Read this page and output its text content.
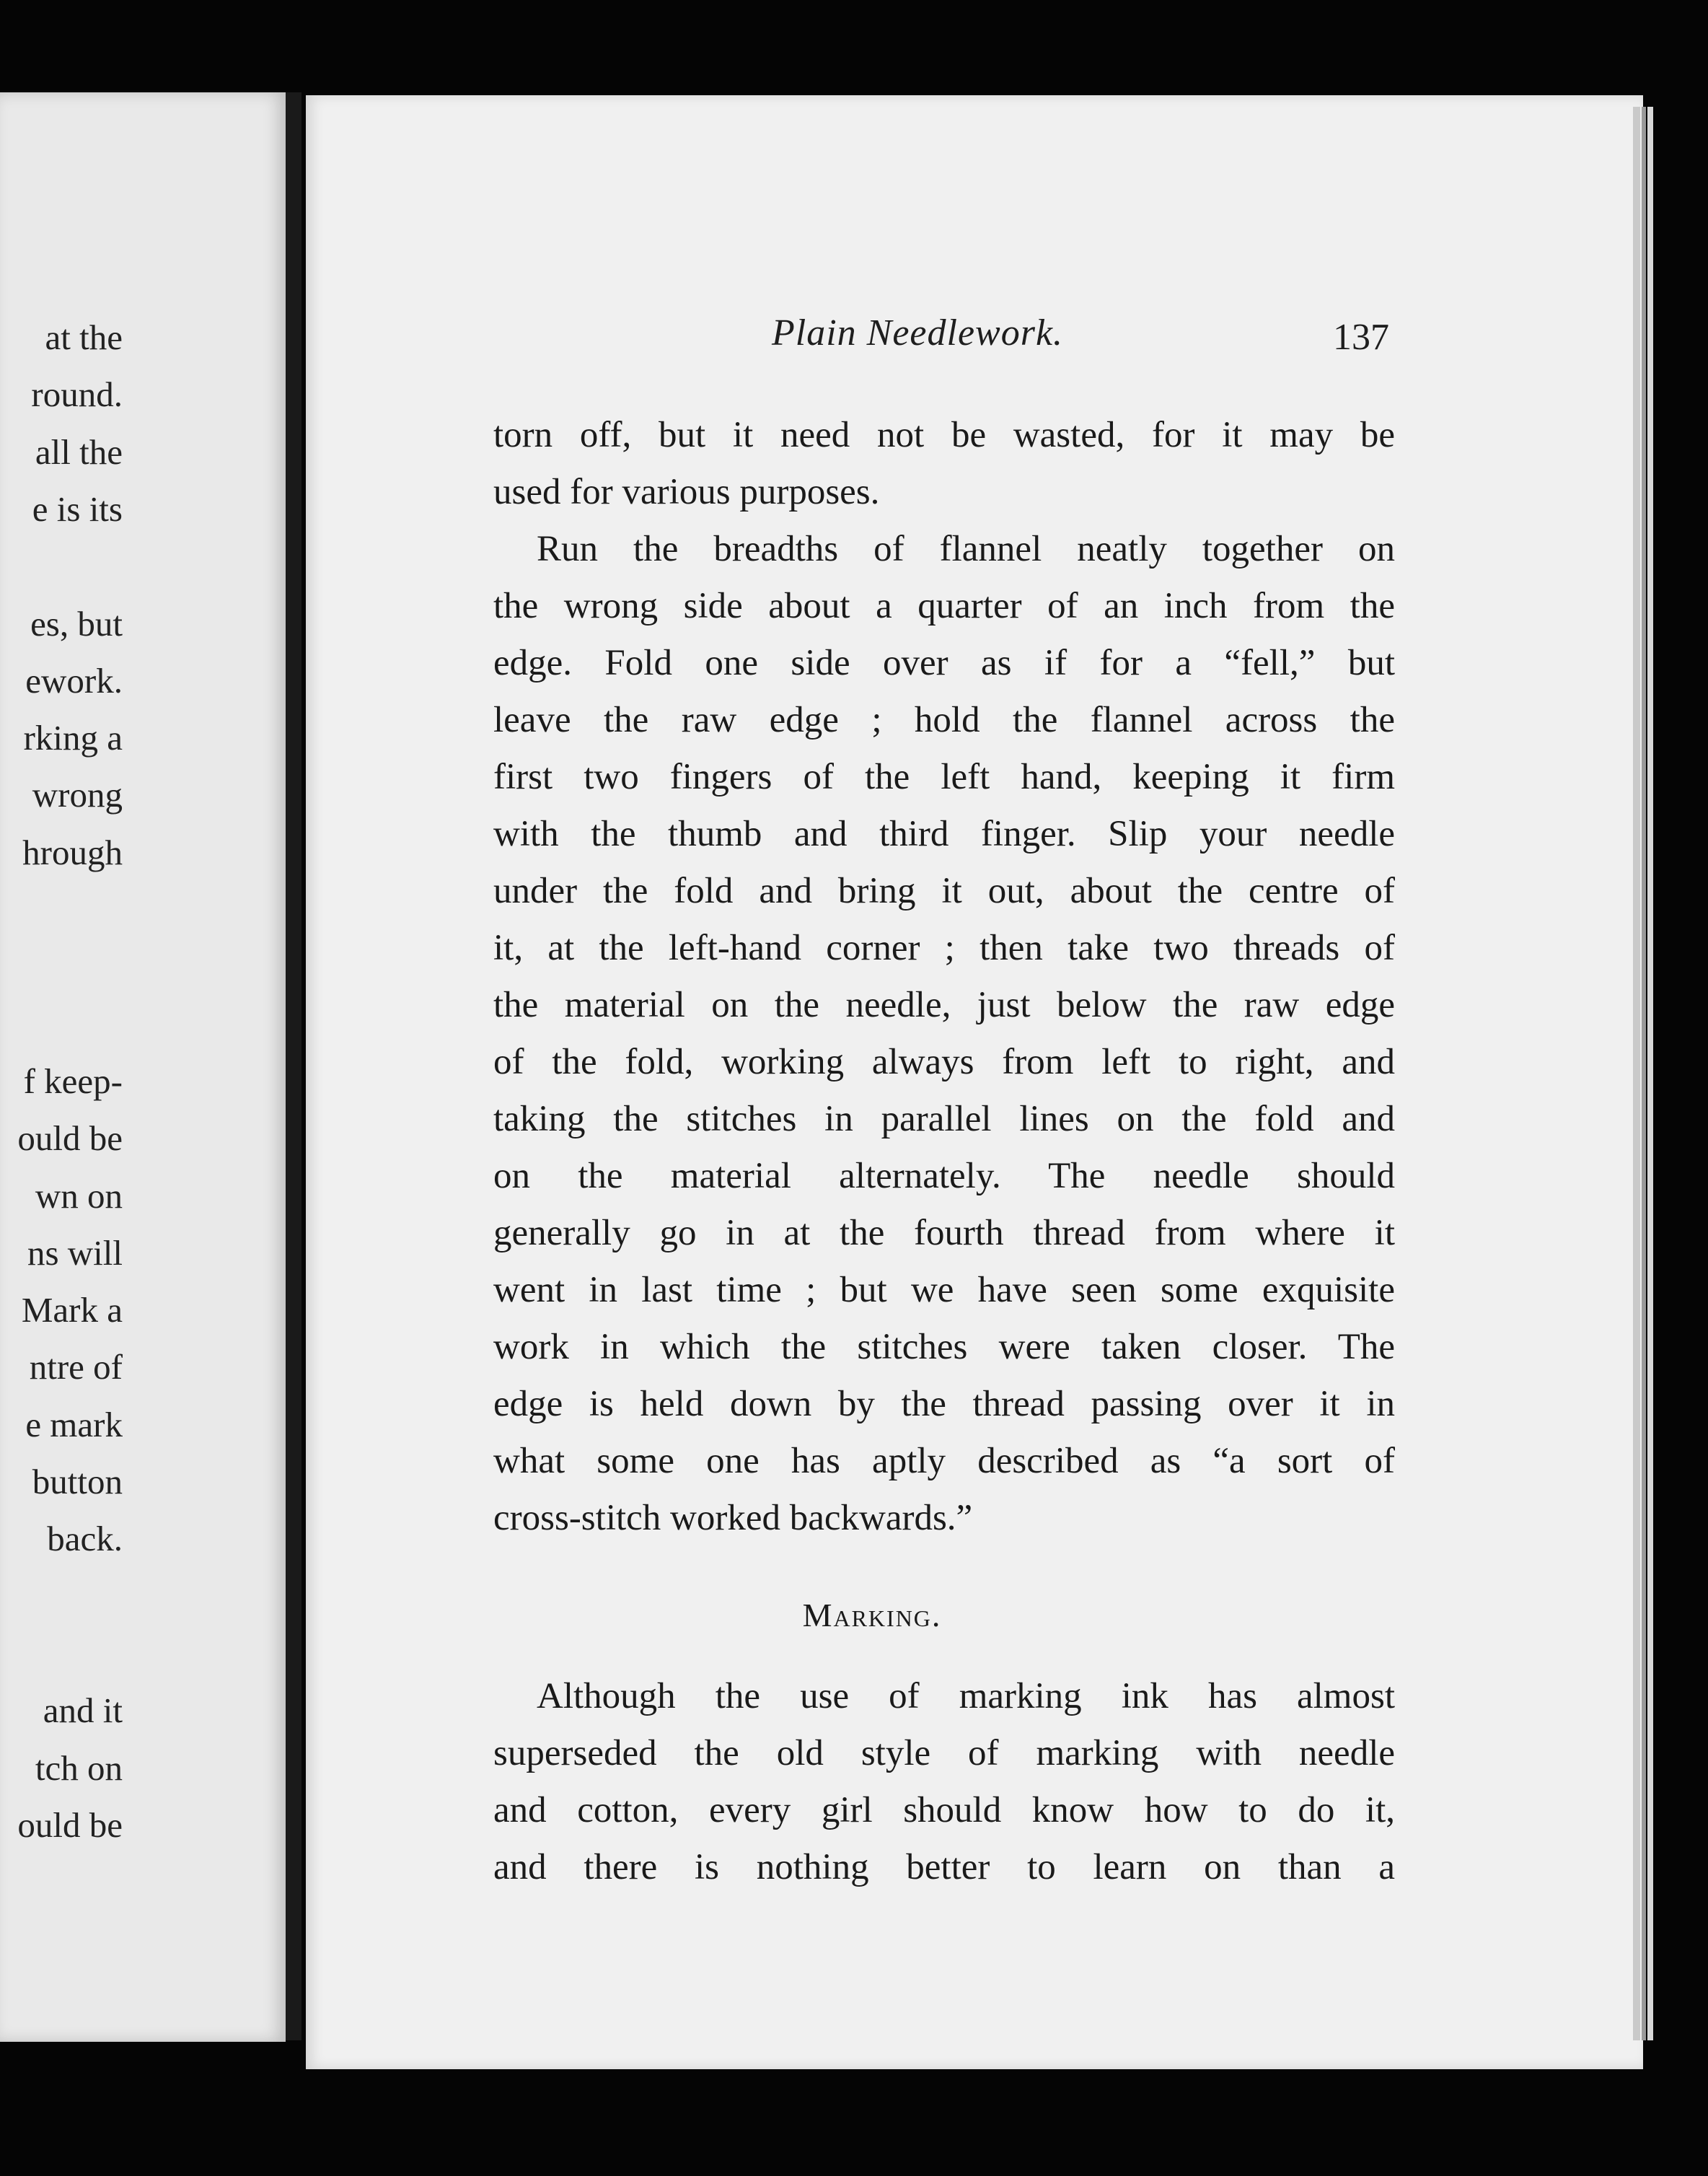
at the
round.
all the
e is its
es, but
ework.
rking a
wrong
hrough
f keep-
ould be
wn on
ns will
Mark a
ntre of
e mark
button
back.
and it
tch on
ould be
Plain Needlework.	137
torn off, but it need not be wasted, for it may be
used for various purposes.
Run the breadths of flannel neatly together on
the wrong side about a quarter of an inch from the
edge. Fold one side over as if for a “fell,” but
leave the raw edge ; hold the flannel across the
first two fingers of the left hand, keeping it firm
with the thumb and third finger. Slip your needle
under the fold and bring it out, about the centre of
it, at the left-hand corner ; then take two threads of
the material on the needle, just below the raw edge
of the fold, working always from left to right, and
taking the stitches in parallel lines on the fold and
on the material alternately. The needle should
generally go in at the fourth thread from where it
went in last time ; but we have seen some exquisite
work in which the stitches were taken closer. The
edge is held down by the thread passing over it in
what some one has aptly described as “a sort of
cross-stitch worked backwards.”
Marking.
Although the use of marking ink has almost
superseded the old style of marking with needle
and cotton, every girl should know how to do it,
and there is nothing better to learn on than a
